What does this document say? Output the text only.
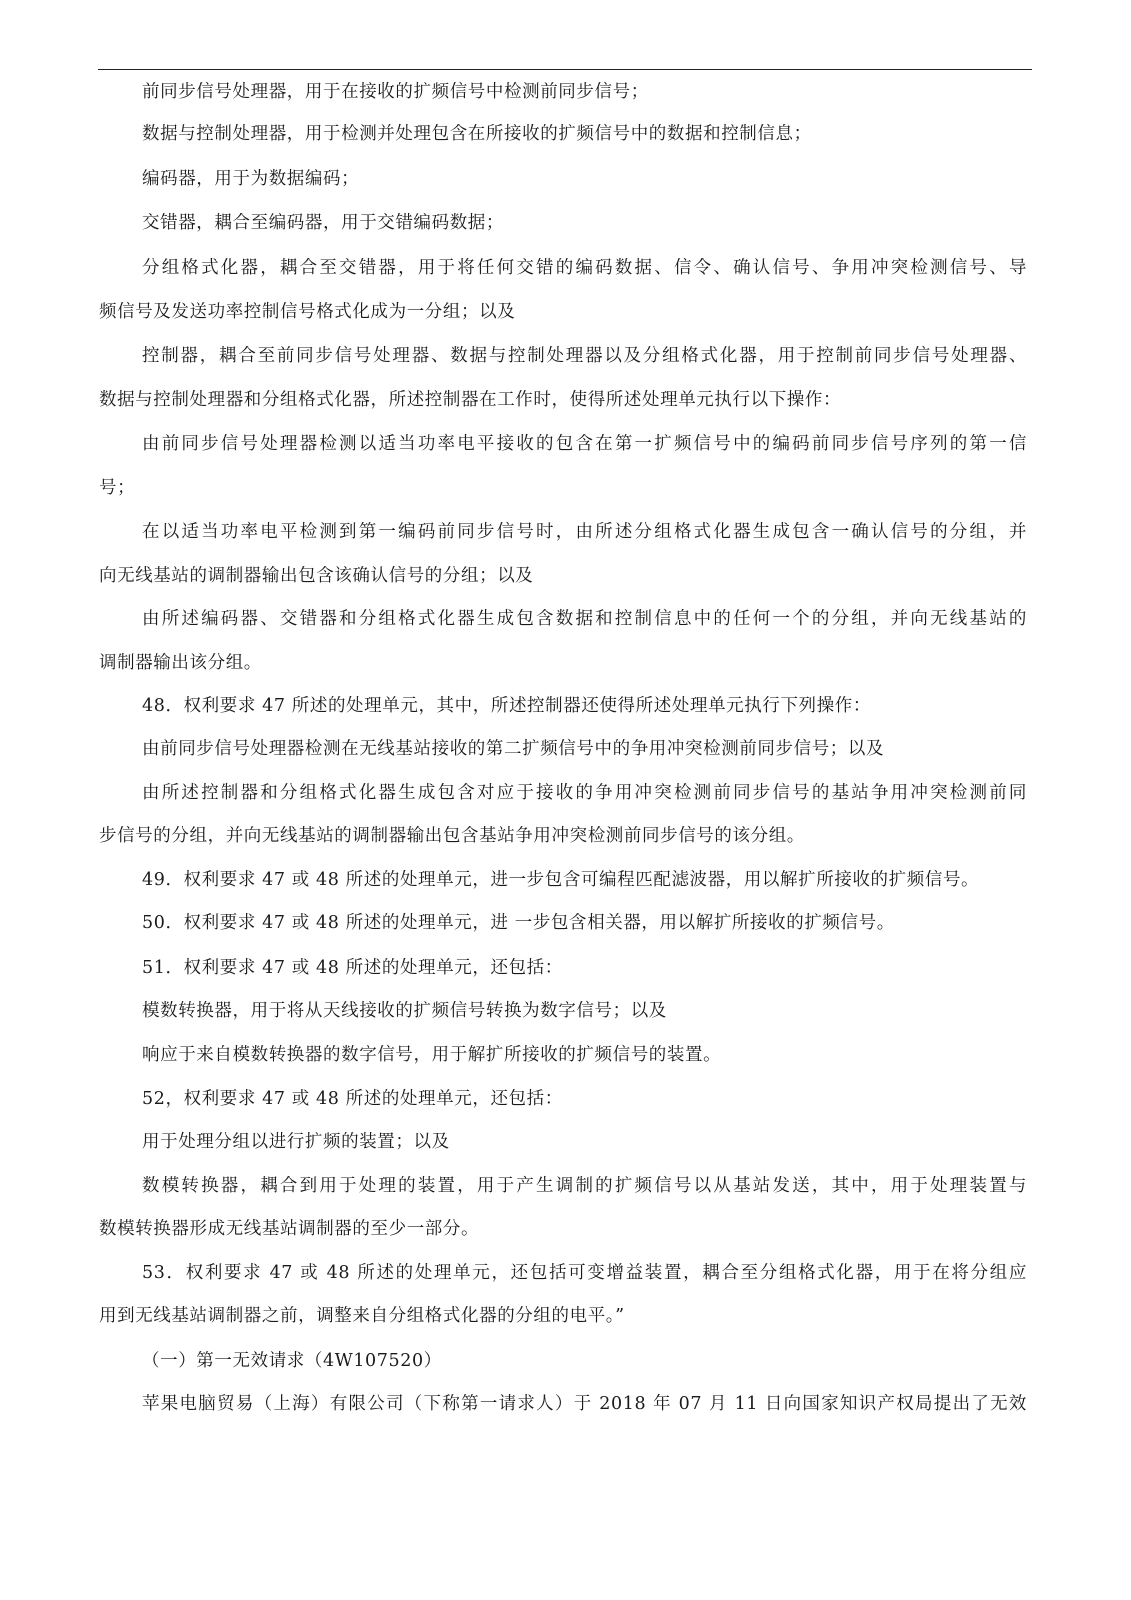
前同步信号处理器，用于在接收的扩频信号中检测前同步信号；
数据与控制处理器，用于检测并处理包含在所接收的扩频信号中的数据和控制信息；
编码器，用于为数据编码；
交错器，耦合至编码器，用于交错编码数据；
分组格式化器，耦合至交错器，用于将任何交错的编码数据、信令、确认信号、争用冲突检测信号、导
频信号及发送功率控制信号格式化成为一分组；以及
控制器，耦合至前同步信号处理器、数据与控制处理器以及分组格式化器，用于控制前同步信号处理器、
数据与控制处理器和分组格式化器，所述控制器在工作时，使得所述处理单元执行以下操作：
由前同步信号处理器检测以适当功率电平接收的包含在第一扩频信号中的编码前同步信号序列的第一信
号；
在以适当功率电平检测到第一编码前同步信号时，由所述分组格式化器生成包含一确认信号的分组，并
向无线基站的调制器输出包含该确认信号的分组；以及
由所述编码器、交错器和分组格式化器生成包含数据和控制信息中的任何一个的分组，并向无线基站的
调制器输出该分组。
48．权利要求 47 所述的处理单元，其中，所述控制器还使得所述处理单元执行下列操作：
由前同步信号处理器检测在无线基站接收的第二扩频信号中的争用冲突检测前同步信号；以及
由所述控制器和分组格式化器生成包含对应于接收的争用冲突检测前同步信号的基站争用冲突检测前同
步信号的分组，并向无线基站的调制器输出包含基站争用冲突检测前同步信号的该分组。
49．权利要求 47 或 48 所述的处理单元，进一步包含可编程匹配滤波器，用以解扩所接收的扩频信号。
50．权利要求 47 或 48 所述的处理单元，进 一步包含相关器，用以解扩所接收的扩频信号。
51．权利要求 47 或 48 所述的处理单元，还包括：
模数转换器，用于将从天线接收的扩频信号转换为数字信号；以及
响应于来自模数转换器的数字信号，用于解扩所接收的扩频信号的装置。
52，权利要求 47 或 48 所述的处理单元，还包括：
用于处理分组以进行扩频的装置；以及
数模转换器，耦合到用于处理的装置，用于产生调制的扩频信号以从基站发送，其中，用于处理装置与
数模转换器形成无线基站调制器的至少一部分。
53．权利要求 47 或 48 所述的处理单元，还包括可变增益装置，耦合至分组格式化器，用于在将分组应
用到无线基站调制器之前，调整来自分组格式化器的分组的电平。”
（一）第一无效请求（4W107520）
苹果电脑贸易（上海）有限公司（下称第一请求人）于 2018 年 07 月 11 日向国家知识产权局提出了无效
